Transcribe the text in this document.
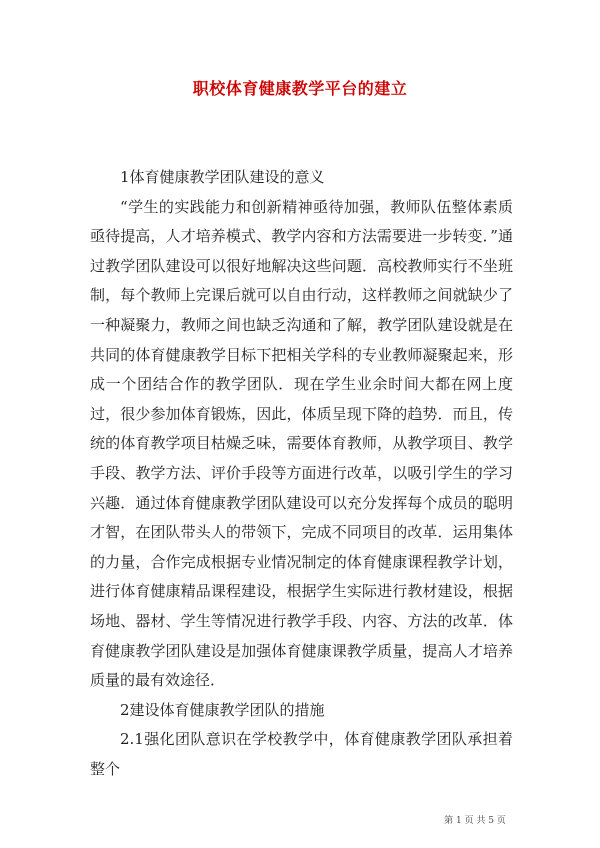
职校体育健康教学平台的建立

1体育健康教学团队建设的意义

“学生的实践能力和创新精神亟待加强，教师队伍整体素质亟待提高，人才培养模式、教学内容和方法需要进一步转变．”通过教学团队建设可以很好地解决这些问题．高校教师实行不坐班制，每个教师上完课后就可以自由行动，这样教师之间就缺少了一种凝聚力，教师之间也缺乏沟通和了解，教学团队建设就是在共同的体育健康教学目标下把相关学科的专业教师凝聚起来，形成一个团结合作的教学团队．现在学生业余时间大都在网上度过，很少参加体育锻炼，因此，体质呈现下降的趋势．而且，传统的体育教学项目枯燥乏味，需要体育教师，从教学项目、教学手段、教学方法、评价手段等方面进行改革，以吸引学生的学习兴趣．通过体育健康教学团队建设可以充分发挥每个成员的聪明才智，在团队带头人的带领下，完成不同项目的改革．运用集体的力量，合作完成根据专业情况制定的体育健康课程教学计划，进行体育健康精品课程建设，根据学生实际进行教材建设，根据场地、器材、学生等情况进行教学手段、内容、方法的改革．体育健康教学团队建设是加强体育健康课教学质量，提高人才培养质量的最有效途径．

2建设体育健康教学团队的措施

2.1强化团队意识在学校教学中，体育健康教学团队承担着整个

第 1 页 共 5 页
